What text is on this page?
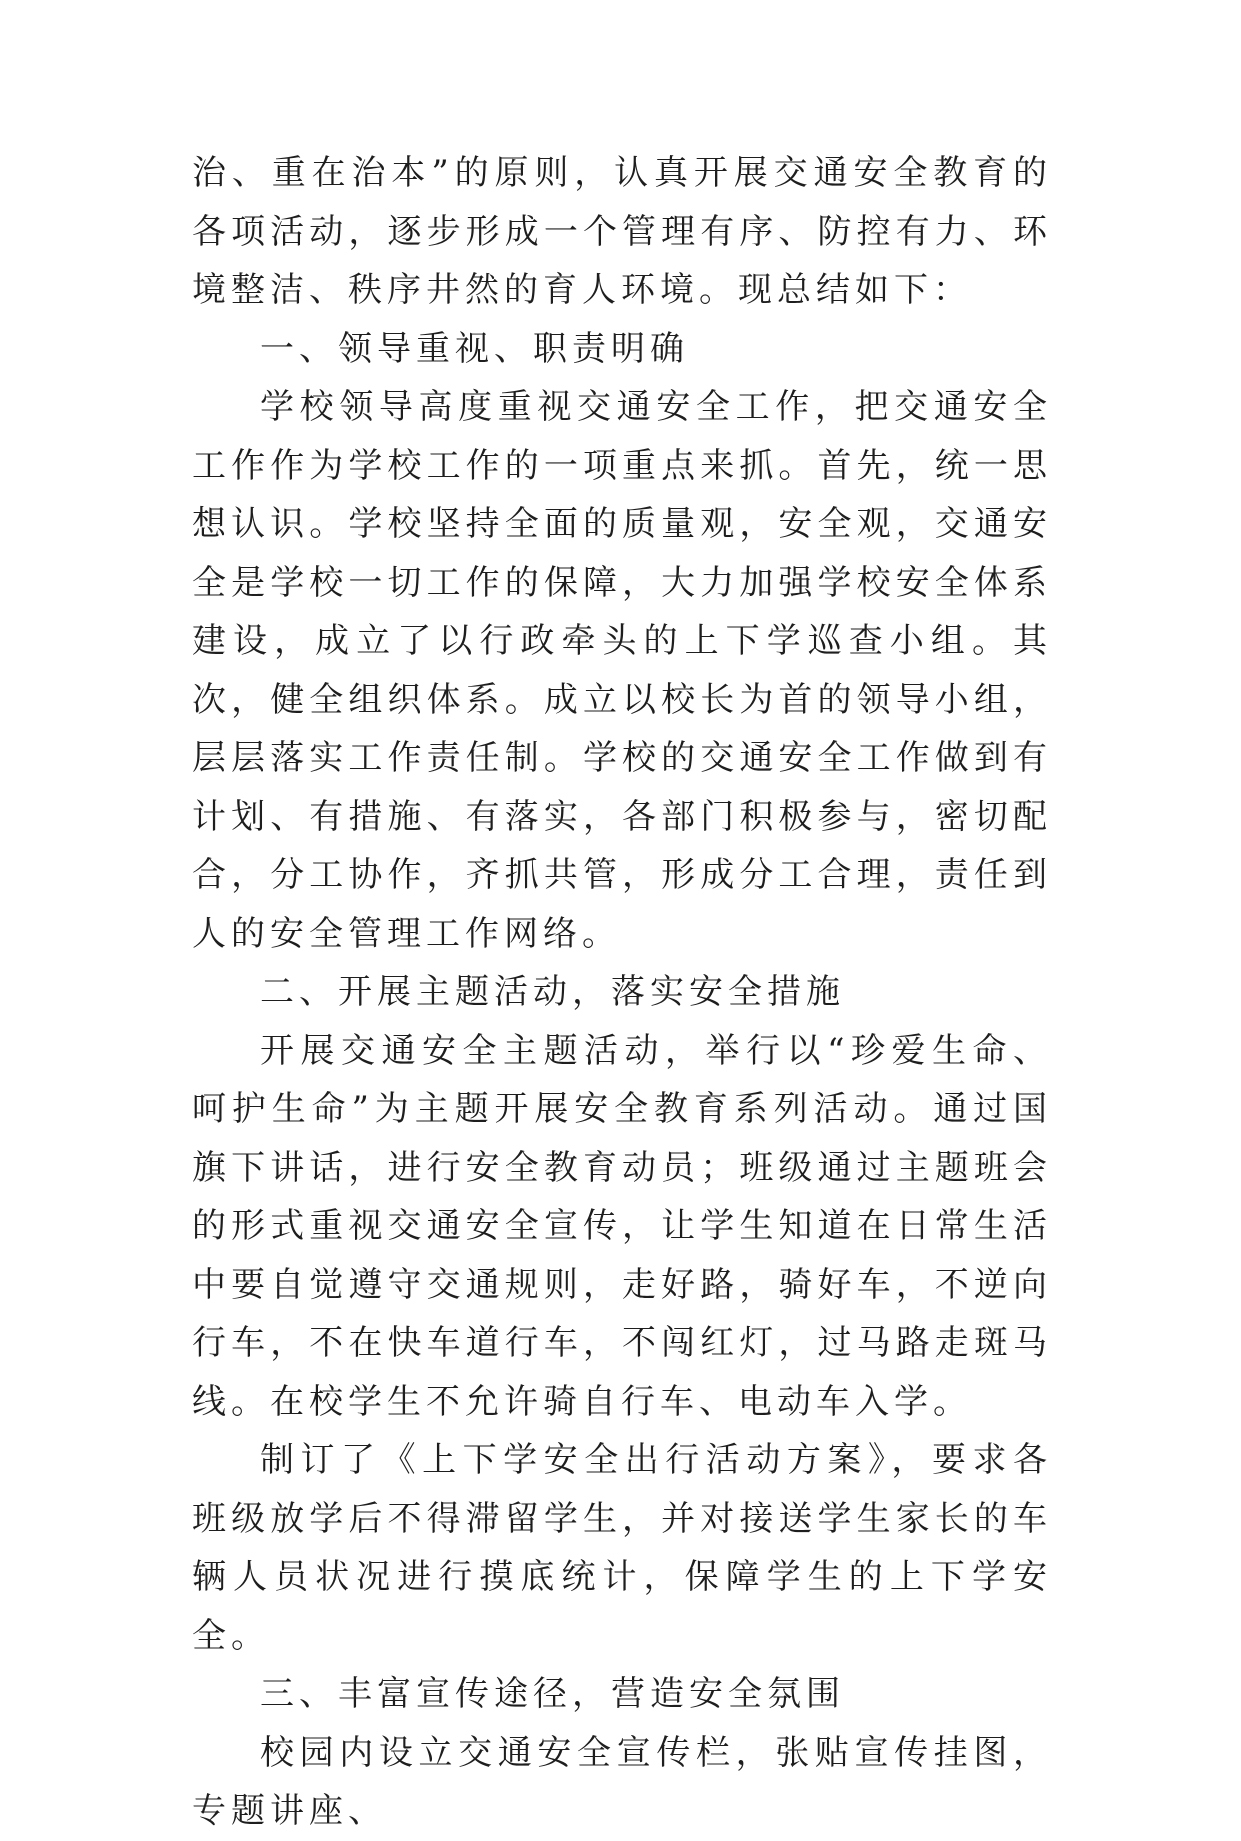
治、重在治本”的原则，认真开展交通安全教育的各项活动，逐步形成一个管理有序、防控有力、环境整洁、秩序井然的育人环境。现总结如下：

一、领导重视、职责明确

学校领导高度重视交通安全工作，把交通安全工作作为学校工作的一项重点来抓。首先，统一思想认识。学校坚持全面的质量观，安全观，交通安全是学校一切工作的保障，大力加强学校安全体系建设，成立了以行政牵头的上下学巡查小组。其次，健全组织体系。成立以校长为首的领导小组，层层落实工作责任制。学校的交通安全工作做到有计划、有措施、有落实，各部门积极参与，密切配合，分工协作，齐抓共管，形成分工合理，责任到人的安全管理工作网络。

二、开展主题活动，落实安全措施

开展交通安全主题活动，举行以“珍爱生命、呵护生命”为主题开展安全教育系列活动。通过国旗下讲话，进行安全教育动员；班级通过主题班会的形式重视交通安全宣传，让学生知道在日常生活中要自觉遵守交通规则，走好路，骑好车，不逆向行车，不在快车道行车，不闯红灯，过马路走斑马线。在校学生不允许骑自行车、电动车入学。

制订了《上下学安全出行活动方案》，要求各班级放学后不得滞留学生，并对接送学生家长的车辆人员状况进行摸底统计，保障学生的上下学安全。

三、丰富宣传途径，营造安全氛围

校园内设立交通安全宣传栏，张贴宣传挂图，专题讲座、
